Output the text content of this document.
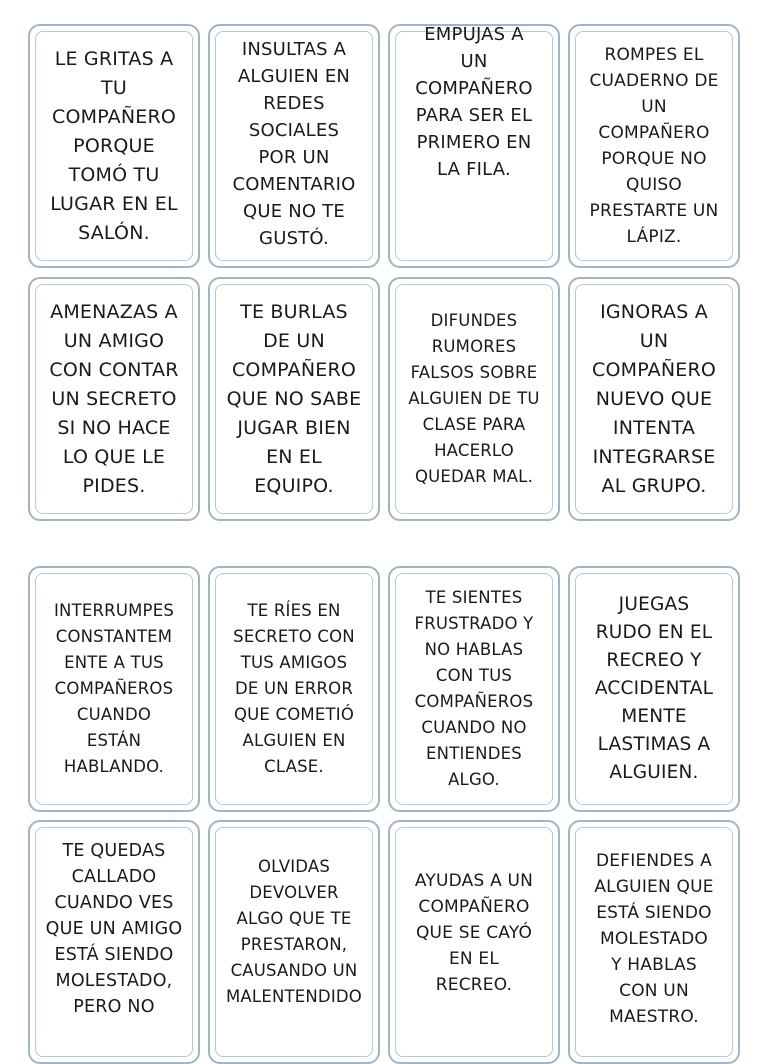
LE GRITAS A
TU
COMPAÑERO
PORQUE
TOMÓ TU
LUGAR EN EL
SALÓN.
INSULTAS A
ALGUIEN EN
REDES
SOCIALES
POR UN
COMENTARIO
QUE NO TE
GUSTÓ.
EMPUJAS A
UN
COMPAÑERO
PARA SER EL
PRIMERO EN
LA FILA.
ROMPES EL
CUADERNO DE
UN
COMPAÑERO
PORQUE NO
QUISO
PRESTARTE UN
LÁPIZ.
AMENAZAS A
UN AMIGO
CON CONTAR
UN SECRETO
SI NO HACE
LO QUE LE
PIDES.
TE BURLAS
DE UN
COMPAÑERO
QUE NO SABE
JUGAR BIEN
EN EL
EQUIPO.
DIFUNDES
RUMORES
FALSOS SOBRE
ALGUIEN DE TU
CLASE PARA
HACERLO
QUEDAR MAL.
IGNORAS A
UN
COMPAÑERO
NUEVO QUE
INTENTA
INTEGRARSE
AL GRUPO.
INTERRUMPES
CONSTANTEM
ENTE A TUS
COMPAÑEROS
CUANDO
ESTÁN
HABLANDO.
TE RÍES EN
SECRETO CON
TUS AMIGOS
DE UN ERROR
QUE COMETIÓ
ALGUIEN EN
CLASE.
TE SIENTES
FRUSTRADO Y
NO HABLAS
CON TUS
COMPAÑEROS
CUANDO NO
ENTIENDES
ALGO.
JUEGAS
RUDO EN EL
RECREO Y
ACCIDENTAL
MENTE
LASTIMAS A
ALGUIEN.
TE QUEDAS
CALLADO
CUANDO VES
QUE UN AMIGO
ESTÁ SIENDO
MOLESTADO,
PERO NO
OLVIDAS
DEVOLVER
ALGO QUE TE
PRESTARON,
CAUSANDO UN
MALENTENDIDO
AYUDAS A UN
COMPAÑERO
QUE SE CAYÓ
EN EL
RECREO.
DEFIENDES A
ALGUIEN QUE
ESTÁ SIENDO
MOLESTADO
Y HABLAS
CON UN
MAESTRO.
